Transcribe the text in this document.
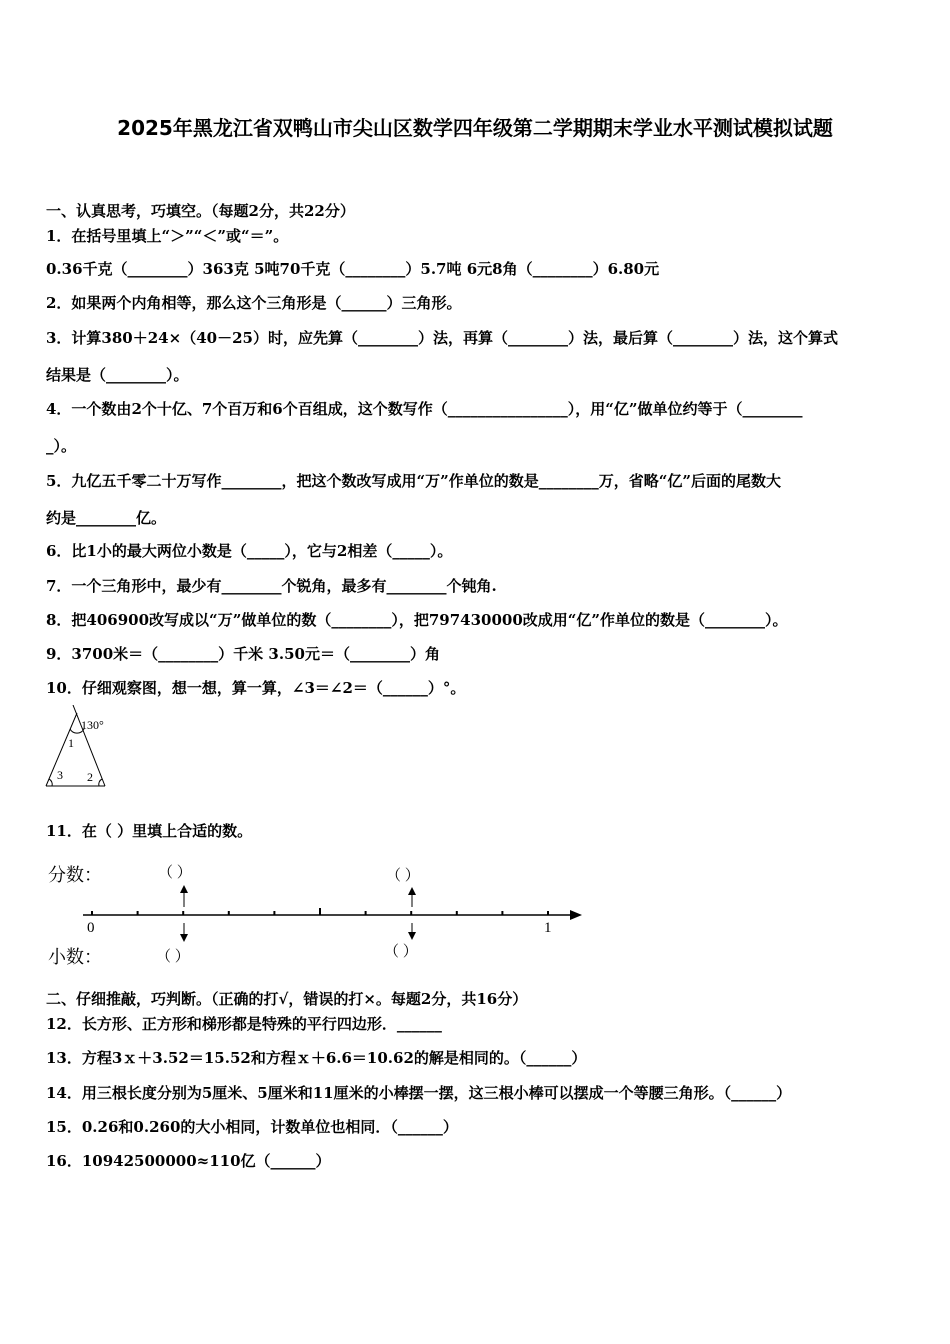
2025年黑龙江省双鸭山市尖山区数学四年级第二学期期末学业水平测试模拟试题
一、认真思考，巧填空。（每题2分，共22分）
1．在括号里填上“＞”“＜”或“＝”。
0.36千克（________）363克 5吨70千克（________）5.7吨 6元8角（________）6.80元
2．如果两个内角相等，那么这个三角形是（______）三角形。
3．计算380＋24×（40－25）时，应先算（________）法，再算（________）法，最后算（________）法，这个算式
结果是（________）。
4．一个数由2个十亿、7个百万和6个百组成，这个数写作（________________），用“亿”做单位约等于（________
_）。
5．九亿五千零二十万写作________，把这个数改写成用“万”作单位的数是________万，省略“亿”后面的尾数大
约是________亿。
6．比1小的最大两位小数是（_____），它与2相差（_____）。
7．一个三角形中，最少有________个锐角，最多有________个钝角.
8．把406900改写成以“万”做单位的数（________），把797430000改成用“亿”作单位的数是（________）。
9．3700米＝（________）千米 3.50元＝（________）角
10．仔细观察图，想一想，算一算，∠3＝∠2＝（______）°。
130°
1
3 2
11．在（ ）里填上合适的数。
分数：
小数：
0	1
（ ）	（ ）
（ ）	（ ）
二、仔细推敲，巧判断。（正确的打√，错误的打×。每题2分，共16分）
12．长方形、正方形和梯形都是特殊的平行四边形．______
13．方程3ｘ＋3.52＝15.52和方程ｘ＋6.6＝10.62的解是相同的。（______）
14．用三根长度分别为5厘米、5厘米和11厘米的小棒摆一摆，这三根小棒可以摆成一个等腰三角形。（______）
15．0.26和0.260的大小相同，计数单位也相同．（______）
16．10942500000≈110亿（______）
